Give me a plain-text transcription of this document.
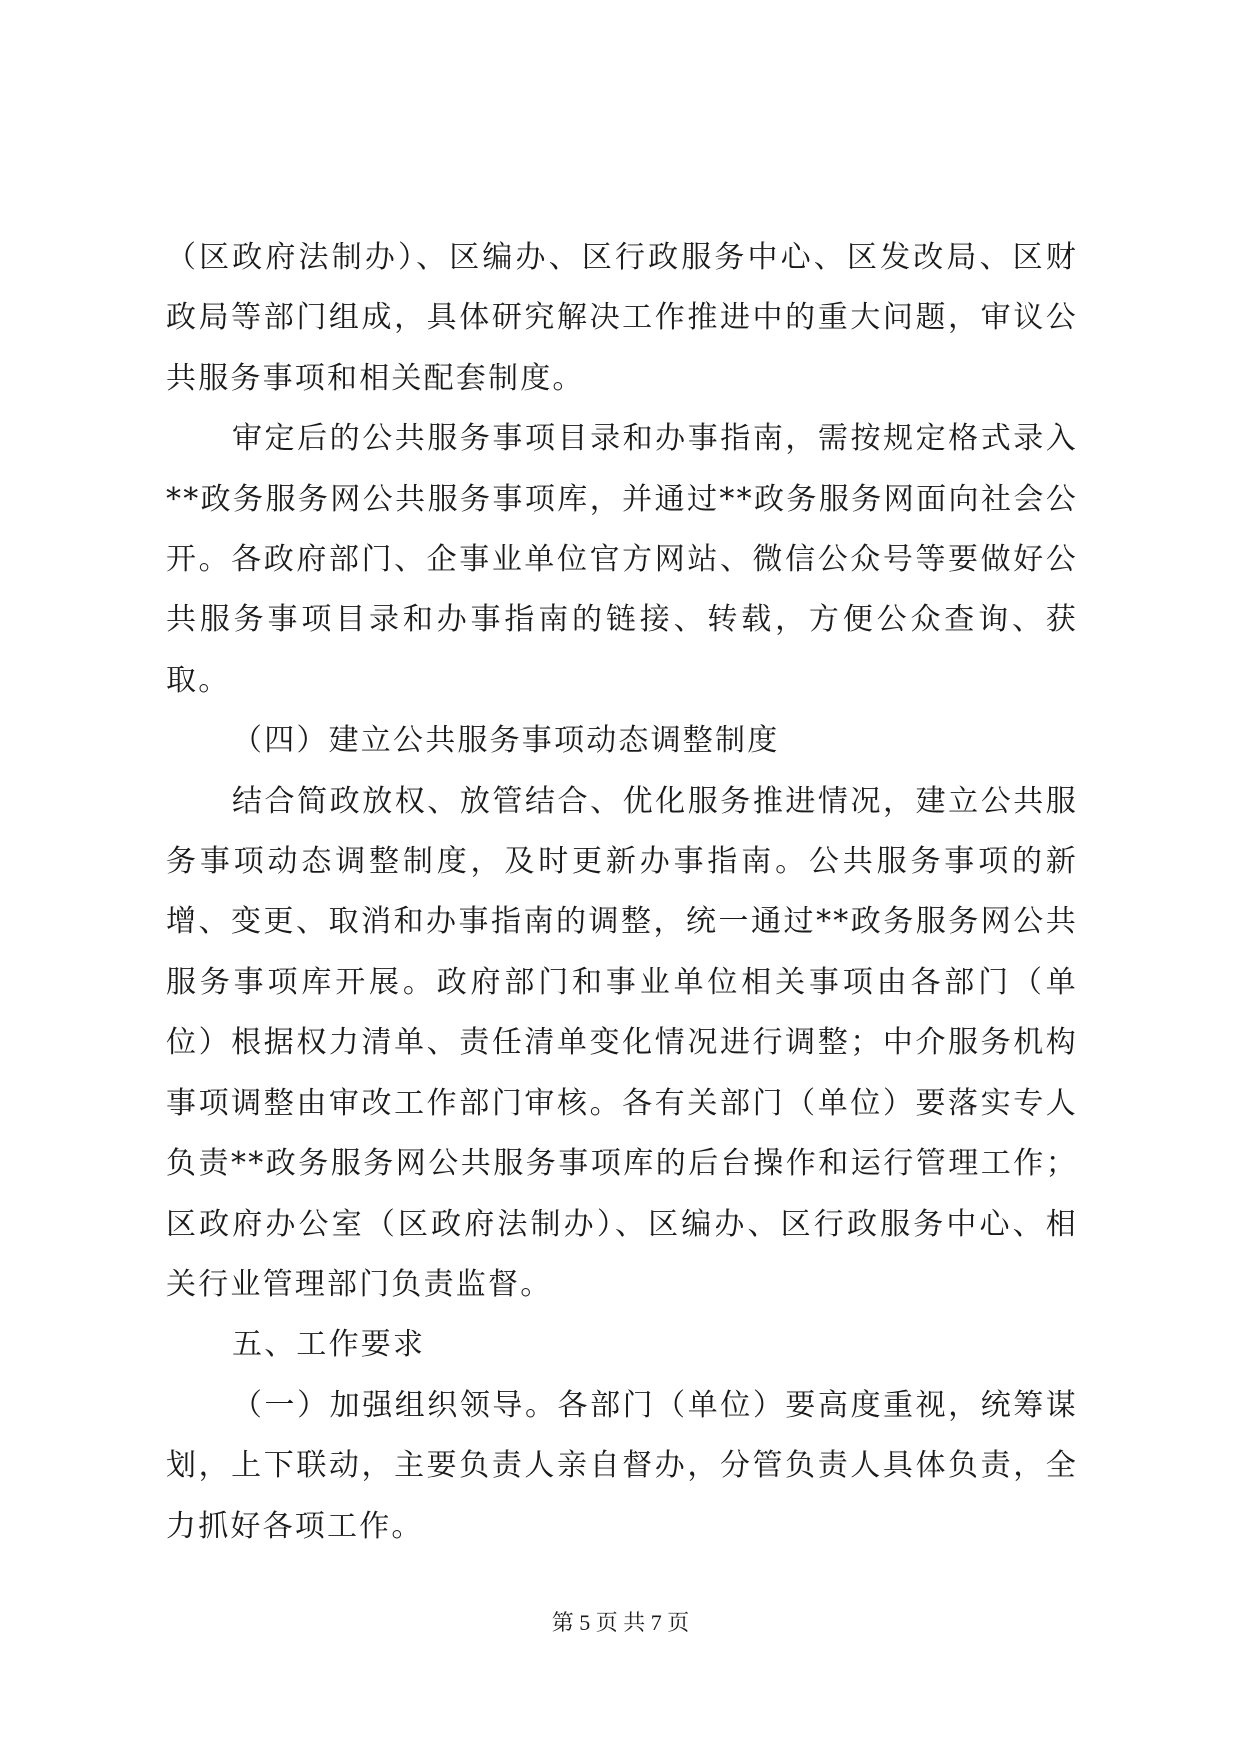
（区政府法制办）、区编办、区行政服务中心、区发改局、区财政局等部门组成，具体研究解决工作推进中的重大问题，审议公共服务事项和相关配套制度。

审定后的公共服务事项目录和办事指南，需按规定格式录入**政务服务网公共服务事项库，并通过**政务服务网面向社会公开。各政府部门、企事业单位官方网站、微信公众号等要做好公共服务事项目录和办事指南的链接、转载，方便公众查询、获取。

（四）建立公共服务事项动态调整制度

结合简政放权、放管结合、优化服务推进情况，建立公共服务事项动态调整制度，及时更新办事指南。公共服务事项的新增、变更、取消和办事指南的调整，统一通过**政务服务网公共服务事项库开展。政府部门和事业单位相关事项由各部门（单位）根据权力清单、责任清单变化情况进行调整；中介服务机构事项调整由审改工作部门审核。各有关部门（单位）要落实专人负责**政务服务网公共服务事项库的后台操作和运行管理工作；区政府办公室（区政府法制办）、区编办、区行政服务中心、相关行业管理部门负责监督。

五、工作要求

（一）加强组织领导。各部门（单位）要高度重视，统筹谋划，上下联动，主要负责人亲自督办，分管负责人具体负责，全力抓好各项工作。

第 5 页 共 7 页
